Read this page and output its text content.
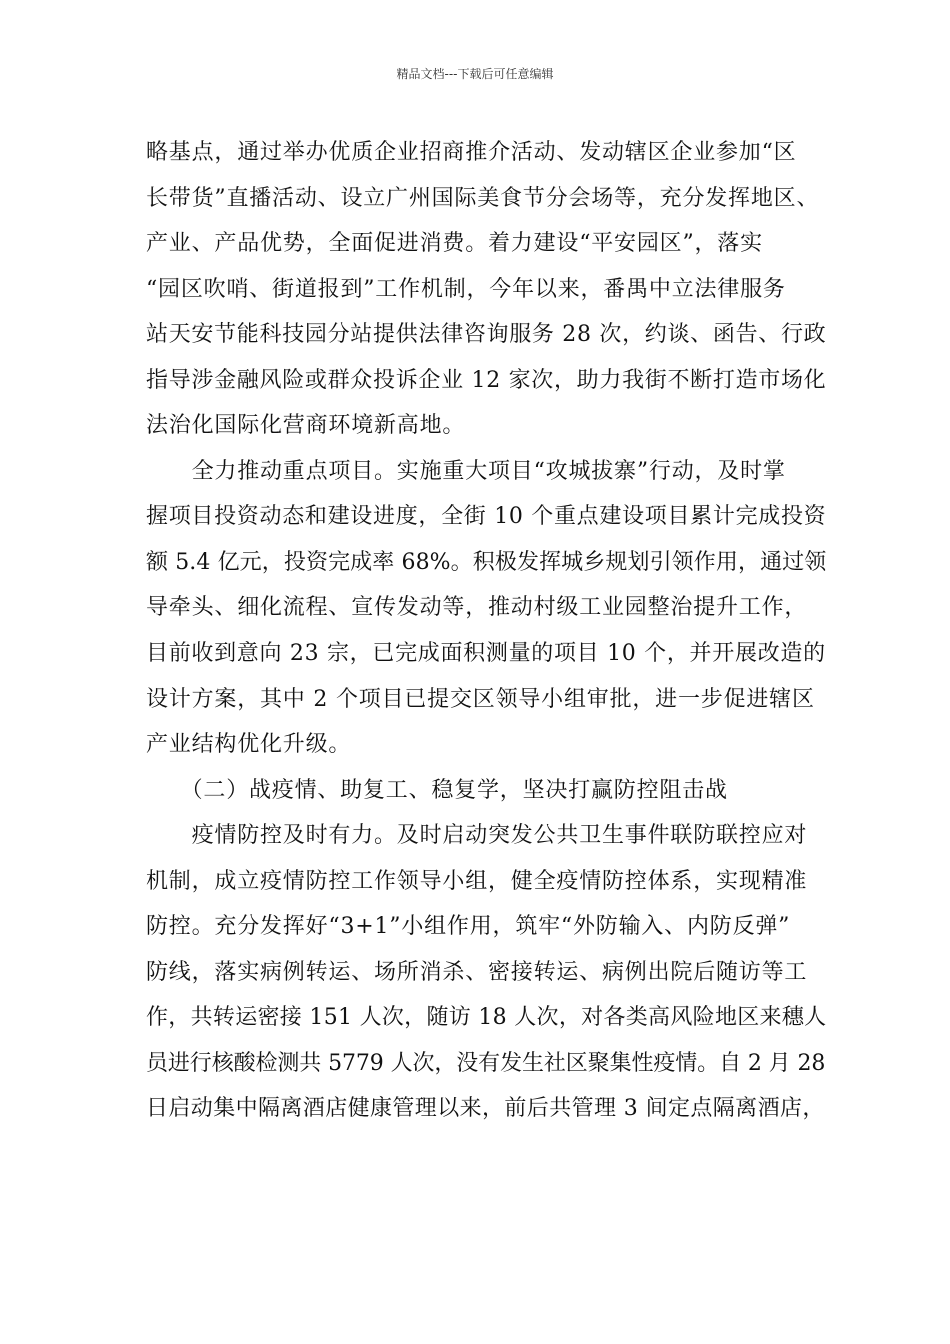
精品文档---下载后可任意编辑
略基点，通过举办优质企业招商推介活动、发动辖区企业参加“区
长带货”直播活动、设立广州国际美食节分会场等，充分发挥地区、
产业、产品优势，全面促进消费。着力建设“平安园区”，落实
“园区吹哨、街道报到”工作机制，今年以来，番禺中立法律服务
站天安节能科技园分站提供法律咨询服务 28 次，约谈、函告、行政
指导涉金融风险或群众投诉企业 12 家次，助力我街不断打造市场化
法治化国际化营商环境新高地。
　　全力推动重点项目。实施重大项目“攻城拔寨”行动，及时掌
握项目投资动态和建设进度，全街 10 个重点建设项目累计完成投资
额 5.4 亿元，投资完成率 68%。积极发挥城乡规划引领作用，通过领
导牵头、细化流程、宣传发动等，推动村级工业园整治提升工作，
目前收到意向 23 宗，已完成面积测量的项目 10 个，并开展改造的
设计方案，其中 2 个项目已提交区领导小组审批，进一步促进辖区
产业结构优化升级。
　　（二）战疫情、助复工、稳复学，坚决打赢防控阻击战
　　疫情防控及时有力。及时启动突发公共卫生事件联防联控应对
机制，成立疫情防控工作领导小组，健全疫情防控体系，实现精准
防控。充分发挥好“3+1”小组作用，筑牢“外防输入、内防反弹”
防线，落实病例转运、场所消杀、密接转运、病例出院后随访等工
作，共转运密接 151 人次，随访 18 人次，对各类高风险地区来穗人
员进行核酸检测共 5779 人次，没有发生社区聚集性疫情。自 2 月 28
日启动集中隔离酒店健康管理以来，前后共管理 3 间定点隔离酒店，
